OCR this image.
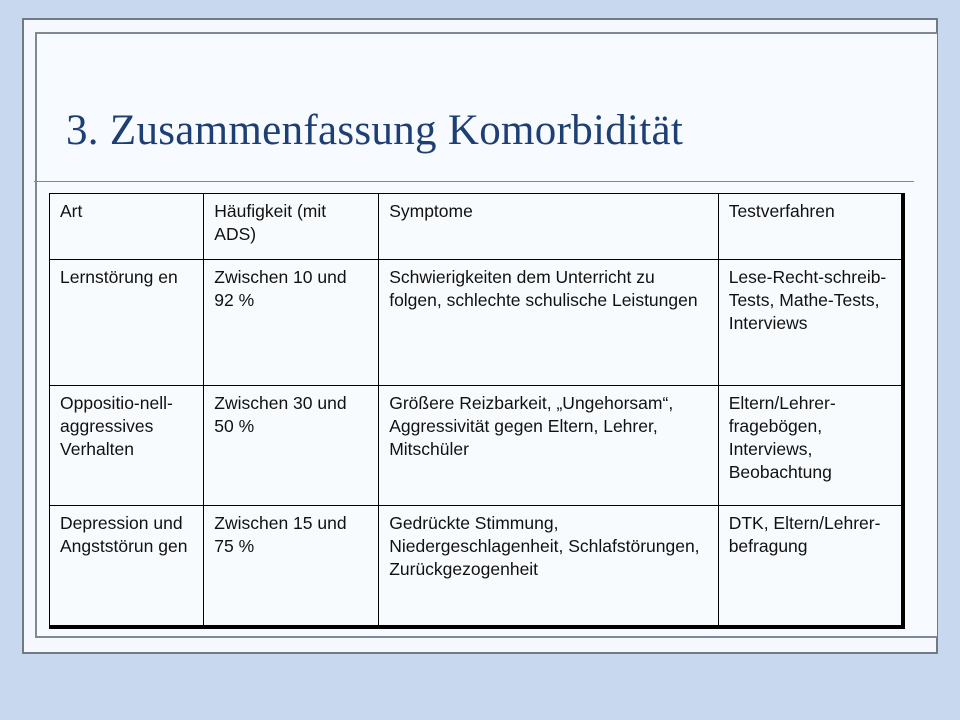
3. Zusammenfassung Komorbidität
Art	Häufigkeit (mit ADS)	Symptome	Testverfahren
Lernstörung en	Zwischen 10 und 92 %	Schwierigkeiten dem Unterricht zu folgen, schlechte schulische Leistungen	Lese-Recht-schreib-Tests, Mathe-Tests, Interviews
Oppositio-nell-aggressives Verhalten	Zwischen 30 und 50 %	Größere Reizbarkeit, „Ungehorsam“, Aggressivität gegen Eltern, Lehrer, Mitschüler	Eltern/Lehrer-fragebögen, Interviews, Beobachtung
Depression und Angststörun gen	Zwischen 15 und 75 %	Gedrückte Stimmung, Niedergeschlagenheit, Schlafstörungen, Zurückgezogenheit	DTK, Eltern/Lehrer-befragung
